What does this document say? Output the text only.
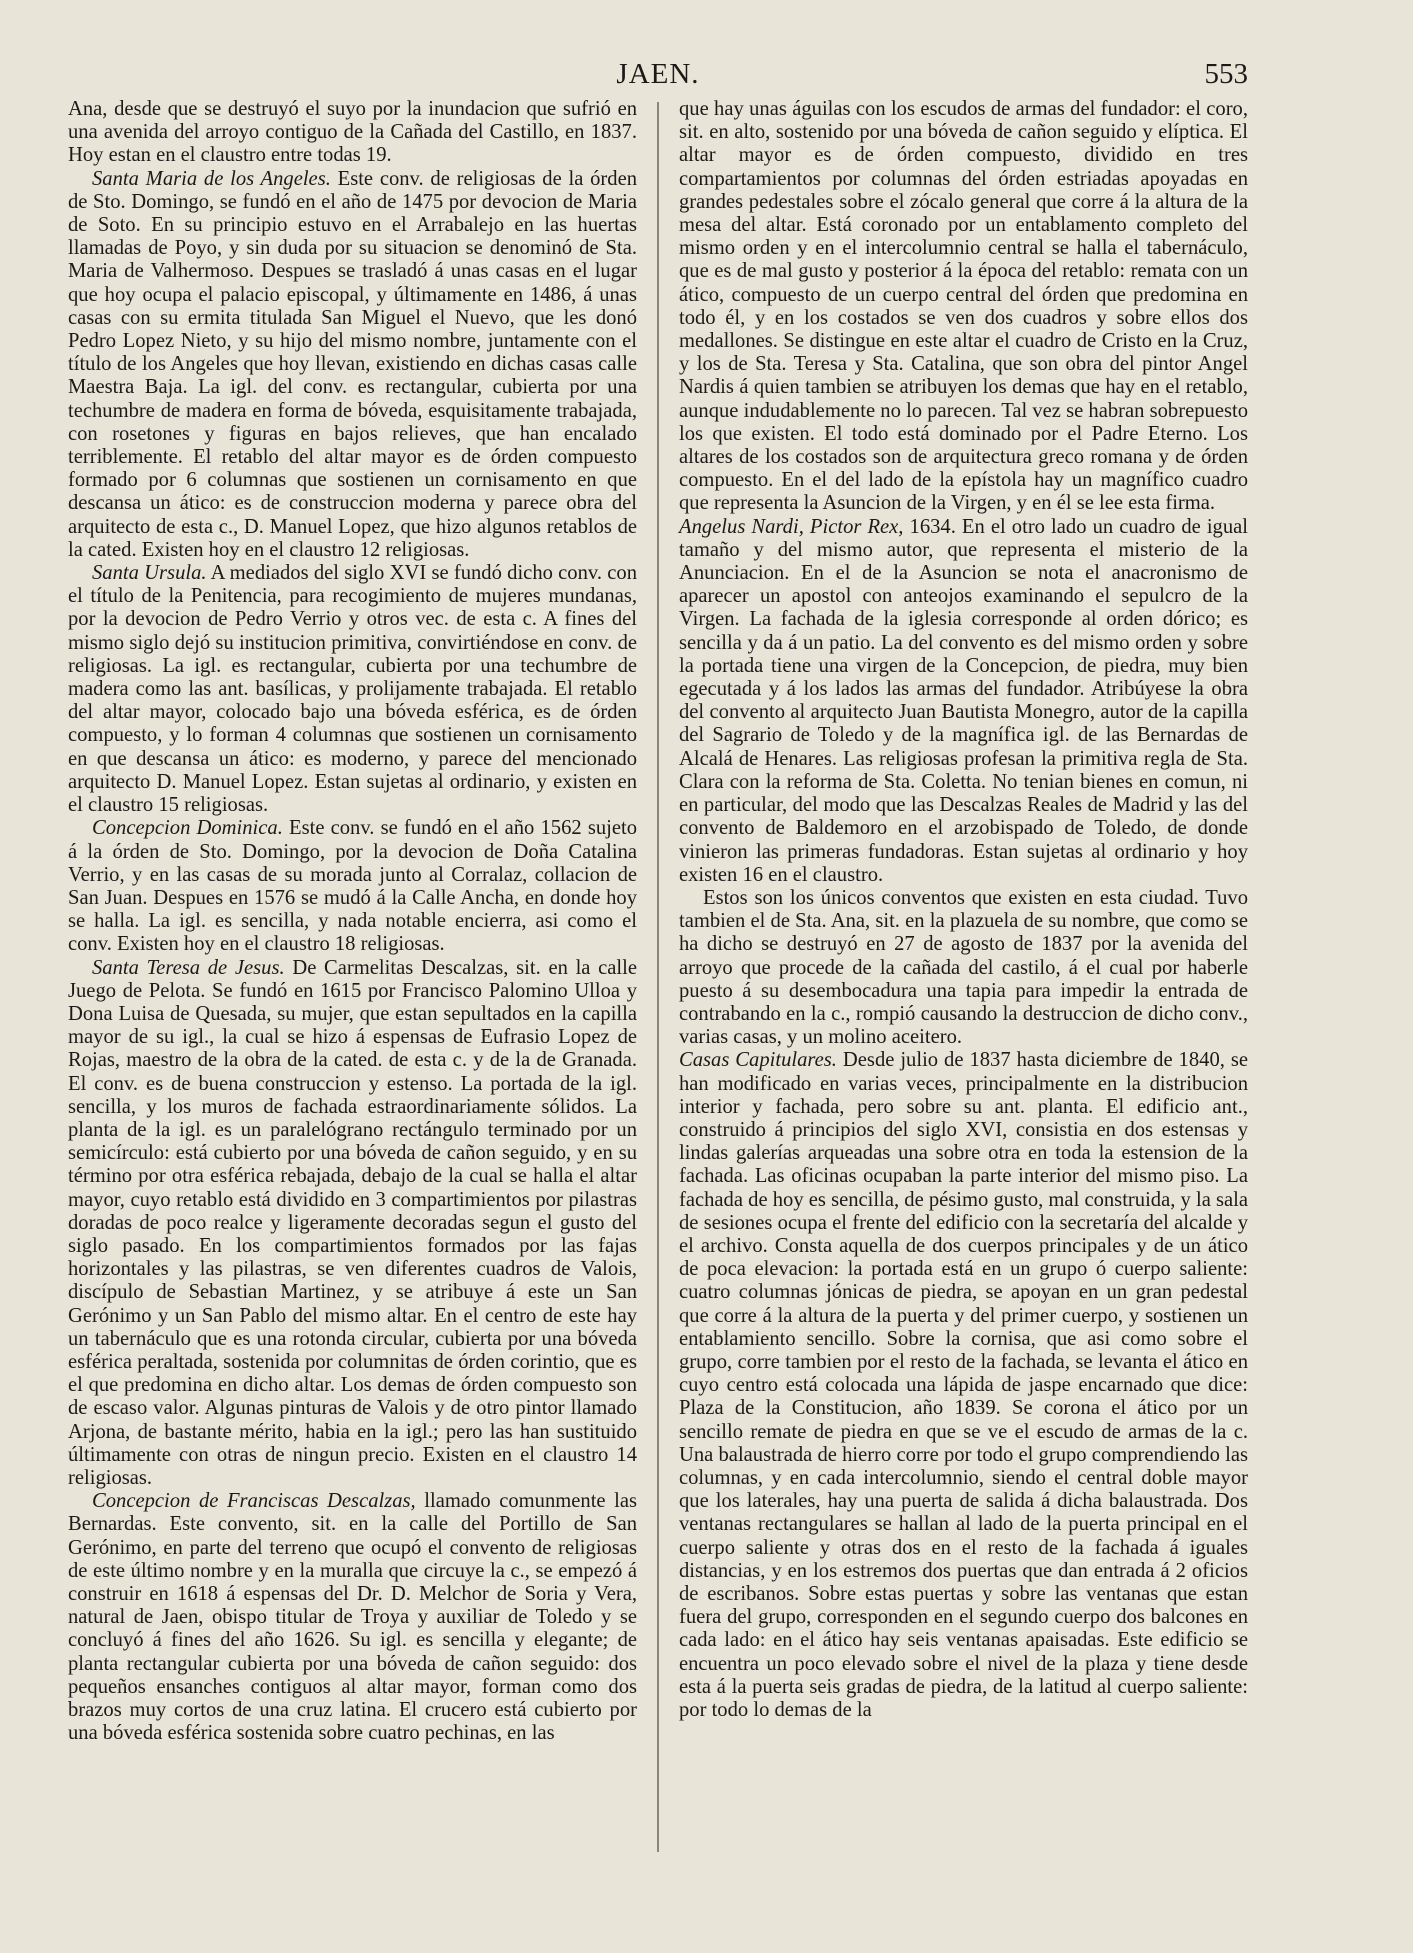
JAEN.	553

Ana, desde que se destruyó el suyo por la inundacion que sufrió en una avenida del arroyo contiguo de la Cañada del Castillo, en 1837. Hoy estan en el claustro entre todas 19.

Santa Maria de los Angeles. Este conv. de religiosas de la órden de Sto. Domingo, se fundó en el año de 1475 por devocion de Maria de Soto. En su principio estuvo en el Arrabalejo en las huertas llamadas de Poyo, y sin duda por su situacion se denominó de Sta. Maria de Valhermoso. Despues se trasladó á unas casas en el lugar que hoy ocupa el palacio episcopal, y últimamente en 1486, á unas casas con su ermita titulada San Miguel el Nuevo, que les donó Pedro Lopez Nieto, y su hijo del mismo nombre, juntamente con el título de los Angeles que hoy llevan, existiendo en dichas casas calle Maestra Baja. La igl. del conv. es rectangular, cubierta por una techumbre de madera en forma de bóveda, esquisitamente trabajada, con rosetones y figuras en bajos relieves, que han encalado terriblemente. El retablo del altar mayor es de órden compuesto formado por 6 columnas que sostienen un cornisamento en que descansa un ático: es de construccion moderna y parece obra del arquitecto de esta c., D. Manuel Lopez, que hizo algunos retablos de la cated. Existen hoy en el claustro 12 religiosas.

Santa Ursula. A mediados del siglo XVI se fundó dicho conv. con el título de la Penitencia, para recogimiento de mujeres mundanas, por la devocion de Pedro Verrio y otros vec. de esta c. A fines del mismo siglo dejó su institucion primitiva, convirtiéndose en conv. de religiosas. La igl. es rectangular, cubierta por una techumbre de madera como las ant. basílicas, y prolijamente trabajada. El retablo del altar mayor, colocado bajo una bóveda esférica, es de órden compuesto, y lo forman 4 columnas que sostienen un cornisamento en que descansa un ático: es moderno, y parece del mencionado arquitecto D. Manuel Lopez. Estan sujetas al ordinario, y existen en el claustro 15 religiosas.

Concepcion Dominica. Este conv. se fundó en el año 1562 sujeto á la órden de Sto. Domingo, por la devocion de Doña Catalina Verrio, y en las casas de su morada junto al Corralaz, collacion de San Juan. Despues en 1576 se mudó á la Calle Ancha, en donde hoy se halla. La igl. es sencilla, y nada notable encierra, asi como el conv. Existen hoy en el claustro 18 religiosas.

Santa Teresa de Jesus. De Carmelitas Descalzas, sit. en la calle Juego de Pelota. Se fundó en 1615 por Francisco Palomino Ulloa y Dona Luisa de Quesada, su mujer, que estan sepultados en la capilla mayor de su igl., la cual se hizo á espensas de Eufrasio Lopez de Rojas, maestro de la obra de la cated. de esta c. y de la de Granada. El conv. es de buena construccion y estenso. La portada de la igl. sencilla, y los muros de fachada estraordinariamente sólidos. La planta de la igl. es un paralelógrano rectángulo terminado por un semicírculo: está cubierto por una bóveda de cañon seguido, y en su término por otra esférica rebajada, debajo de la cual se halla el altar mayor, cuyo retablo está dividido en 3 compartimientos por pilastras doradas de poco realce y ligeramente decoradas segun el gusto del siglo pasado. En los compartimientos formados por las fajas horizontales y las pilastras, se ven diferentes cuadros de Valois, discípulo de Sebastian Martinez, y se atribuye á este un San Gerónimo y un San Pablo del mismo altar. En el centro de este hay un tabernáculo que es una rotonda circular, cubierta por una bóveda esférica peraltada, sostenida por columnitas de órden corintio, que es el que predomina en dicho altar. Los demas de órden compuesto son de escaso valor. Algunas pinturas de Valois y de otro pintor llamado Arjona, de bastante mérito, habia en la igl.; pero las han sustituido últimamente con otras de ningun precio. Existen en el claustro 14 religiosas.

Concepcion de Franciscas Descalzas, llamado comunmente las Bernardas. Este convento, sit. en la calle del Portillo de San Gerónimo, en parte del terreno que ocupó el convento de religiosas de este último nombre y en la muralla que circuye la c., se empezó á construir en 1618 á espensas del Dr. D. Melchor de Soria y Vera, natural de Jaen, obispo titular de Troya y auxiliar de Toledo y se concluyó á fines del año 1626. Su igl. es sencilla y elegante; de planta rectangular cubierta por una bóveda de cañon seguido: dos pequeños ensanches contiguos al altar mayor, forman como dos brazos muy cortos de una cruz latina. El crucero está cubierto por una bóveda esférica sostenida sobre cuatro pechinas, en las

que hay unas águilas con los escudos de armas del fundador: el coro, sit. en alto, sostenido por una bóveda de cañon seguido y elíptica. El altar mayor es de órden compuesto, dividido en tres compartamientos por columnas del órden estriadas apoyadas en grandes pedestales sobre el zócalo general que corre á la altura de la mesa del altar. Está coronado por un entablamento completo del mismo orden y en el intercolumnio central se halla el tabernáculo, que es de mal gusto y posterior á la época del retablo: remata con un ático, compuesto de un cuerpo central del órden que predomina en todo él, y en los costados se ven dos cuadros y sobre ellos dos medallones. Se distingue en este altar el cuadro de Cristo en la Cruz, y los de Sta. Teresa y Sta. Catalina, que son obra del pintor Angel Nardis á quien tambien se atribuyen los demas que hay en el retablo, aunque indudablemente no lo parecen. Tal vez se habran sobrepuesto los que existen. El todo está dominado por el Padre Eterno. Los altares de los costados son de arquitectura greco romana y de órden compuesto. En el del lado de la epístola hay un magnífico cuadro que representa la Asuncion de la Virgen, y en él se lee esta firma.

Angelus Nardi, Pictor Rex, 1634. En el otro lado un cuadro de igual tamaño y del mismo autor, que representa el misterio de la Anunciacion. En el de la Asuncion se nota el anacronismo de aparecer un apostol con anteojos examinando el sepulcro de la Virgen. La fachada de la iglesia corresponde al orden dórico; es sencilla y da á un patio. La del convento es del mismo orden y sobre la portada tiene una virgen de la Concepcion, de piedra, muy bien egecutada y á los lados las armas del fundador. Atribúyese la obra del convento al arquitecto Juan Bautista Monegro, autor de la capilla del Sagrario de Toledo y de la magnífica igl. de las Bernardas de Alcalá de Henares. Las religiosas profesan la primitiva regla de Sta. Clara con la reforma de Sta. Coletta. No tenian bienes en comun, ni en particular, del modo que las Descalzas Reales de Madrid y las del convento de Baldemoro en el arzobispado de Toledo, de donde vinieron las primeras fundadoras. Estan sujetas al ordinario y hoy existen 16 en el claustro.

Estos son los únicos conventos que existen en esta ciudad. Tuvo tambien el de Sta. Ana, sit. en la plazuela de su nombre, que como se ha dicho se destruyó en 27 de agosto de 1837 por la avenida del arroyo que procede de la cañada del castilo, á el cual por haberle puesto á su desembocadura una tapia para impedir la entrada de contrabando en la c., rompió causando la destruccion de dicho conv., varias casas, y un molino aceitero.

Casas Capitulares. Desde julio de 1837 hasta diciembre de 1840, se han modificado en varias veces, principalmente en la distribucion interior y fachada, pero sobre su ant. planta. El edificio ant., construido á principios del siglo XVI, consistia en dos estensas y lindas galerías arqueadas una sobre otra en toda la estension de la fachada. Las oficinas ocupaban la parte interior del mismo piso. La fachada de hoy es sencilla, de pésimo gusto, mal construida, y la sala de sesiones ocupa el frente del edificio con la secretaría del alcalde y el archivo. Consta aquella de dos cuerpos principales y de un ático de poca elevacion: la portada está en un grupo ó cuerpo saliente: cuatro columnas jónicas de piedra, se apoyan en un gran pedestal que corre á la altura de la puerta y del primer cuerpo, y sostienen un entablamiento sencillo. Sobre la cornisa, que asi como sobre el grupo, corre tambien por el resto de la fachada, se levanta el ático en cuyo centro está colocada una lápida de jaspe encarnado que dice: Plaza de la Constitucion, año 1839. Se corona el ático por un sencillo remate de piedra en que se ve el escudo de armas de la c. Una balaustrada de hierro corre por todo el grupo comprendiendo las columnas, y en cada intercolumnio, siendo el central doble mayor que los laterales, hay una puerta de salida á dicha balaustrada. Dos ventanas rectangulares se hallan al lado de la puerta principal en el cuerpo saliente y otras dos en el resto de la fachada á iguales distancias, y en los estremos dos puertas que dan entrada á 2 oficios de escribanos. Sobre estas puertas y sobre las ventanas que estan fuera del grupo, corresponden en el segundo cuerpo dos balcones en cada lado: en el ático hay seis ventanas apaisadas. Este edificio se encuentra un poco elevado sobre el nivel de la plaza y tiene desde esta á la puerta seis gradas de piedra, de la latitud al cuerpo saliente: por todo lo demas de la
